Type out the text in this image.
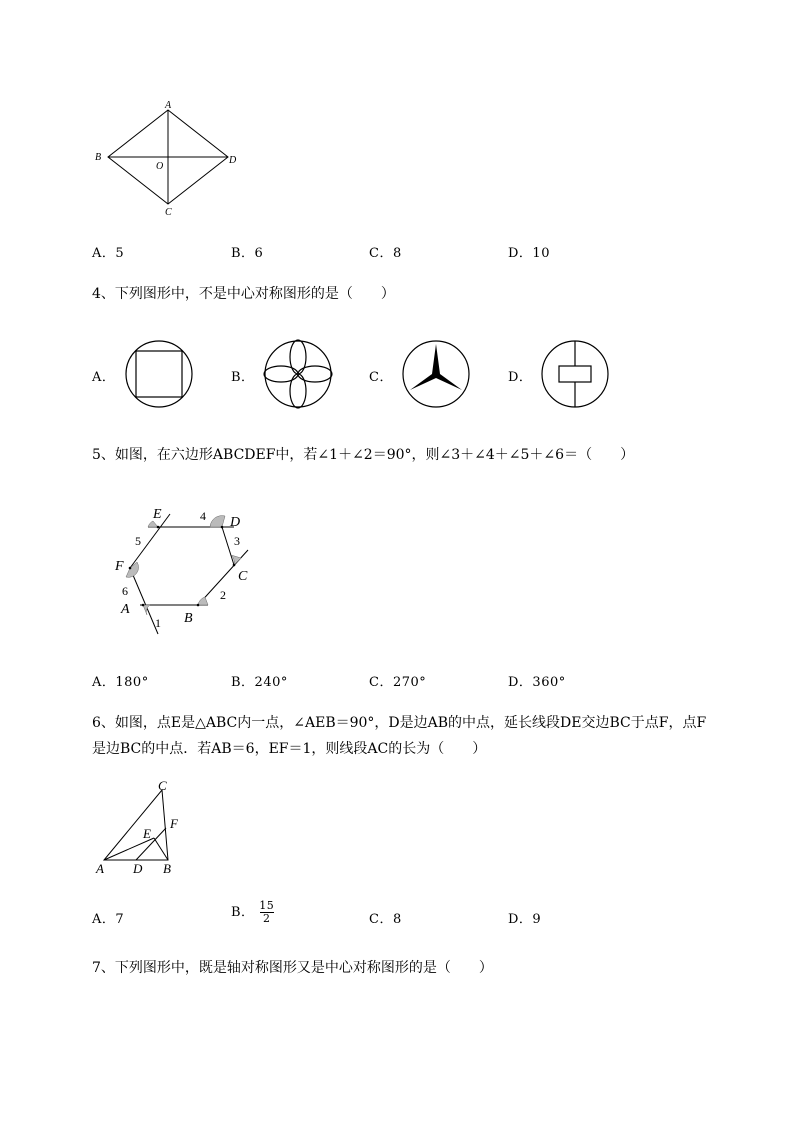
A
B
C
D
O
A．5	B．6	C．8	D．10
4、下列图形中，不是中心对称图形的是（　　）
A．	B．	C．	D．
5、如图，在六边形ABCDEF中，若∠1＋∠2＝90°，则∠3＋∠4＋∠5＋∠6＝（　　）
A
B
C
D
E
F
1
2
3
4
5
6
A．180°	B．240°	C．270°	D．360°
6、如图，点E是△ABC内一点，∠AEB＝90°，D是边AB的中点，延长线段DE交边BC于点F，点F
是边BC的中点．若AB＝6，EF＝1，则线段AC的长为（　　）
A	B
C
D
E
F
A．7	B． $\frac{15}{2}$	C．8	D．9
7、下列图形中，既是轴对称图形又是中心对称图形的是（　　）
